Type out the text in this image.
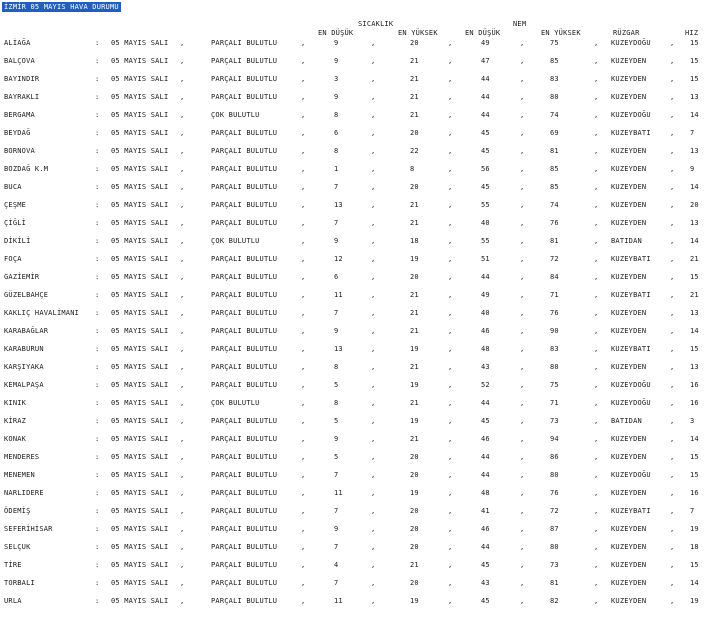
İZMİR 05 MAYIS HAVA DURUMU
SICAKLIK	NEM
EN DÜŞÜK	EN YÜKSEK	EN DÜŞÜK	EN YÜKSEK	RÜZGAR	HIZ
ALİAĞA	: 05 MAYIS SALI ,	PARÇALI BULUTLU	,	9	,	20	,	49	,	75	, KUZEYDOĞU	, 15
BALÇOVA	: 05 MAYIS SALI ,	PARÇALI BULUTLU	,	9	,	21	,	47	,	85	, KUZEYDEN	, 15
BAYINDIR	: 05 MAYIS SALI ,	PARÇALI BULUTLU	,	3	,	21	,	44	,	83	, KUZEYDEN	, 15
BAYRAKLI	: 05 MAYIS SALI ,	PARÇALI BULUTLU	,	9	,	21	,	44	,	80	, KUZEYDEN	, 13
BERGAMA	: 05 MAYIS SALI ,	ÇOK BULUTLU	,	8	,	21	,	44	,	74	, KUZEYDOĞU	, 14
BEYDAĞ	: 05 MAYIS SALI ,	PARÇALI BULUTLU	,	6	,	20	,	45	,	69	, KUZEYBATI	, 7
BORNOVA	: 05 MAYIS SALI ,	PARÇALI BULUTLU	,	8	,	22	,	45	,	81	, KUZEYDEN	, 13
BOZDAĞ K.M	: 05 MAYIS SALI ,	PARÇALI BULUTLU	,	1	,	8	,	56	,	85	, KUZEYDEN	, 9
BUCA	: 05 MAYIS SALI ,	PARÇALI BULUTLU	,	7	,	20	,	45	,	85	, KUZEYDEN	, 14
ÇEŞME	: 05 MAYIS SALI ,	PARÇALI BULUTLU	,	13	,	21	,	55	,	74	, KUZEYDEN	, 20
ÇİĞLİ	: 05 MAYIS SALI ,	PARÇALI BULUTLU	,	7	,	21	,	40	,	76	, KUZEYDEN	, 13
DİKİLİ	: 05 MAYIS SALI ,	ÇOK BULUTLU	,	9	,	18	,	55	,	81	, BATIDAN	, 14
FOÇA	: 05 MAYIS SALI ,	PARÇALI BULUTLU	,	12	,	19	,	51	,	72	, KUZEYBATI	, 21
GAZİEMİR	: 05 MAYIS SALI ,	PARÇALI BULUTLU	,	6	,	20	,	44	,	84	, KUZEYDEN	, 15
GÜZELBAHÇE	: 05 MAYIS SALI ,	PARÇALI BULUTLU	,	11	,	21	,	49	,	71	, KUZEYBATI	, 21
KAKLIÇ HAVALİMANI : 05 MAYIS SALI ,	PARÇALI BULUTLU	,	7	,	21	,	40	,	76	, KUZEYDEN	, 13
KARABAĞLAR	: 05 MAYIS SALI ,	PARÇALI BULUTLU	,	9	,	21	,	46	,	90	, KUZEYDEN	, 14
KARABURUN	: 05 MAYIS SALI ,	PARÇALI BULUTLU	,	13	,	19	,	48	,	83	, KUZEYBATI	, 15
KARŞIYAKA	: 05 MAYIS SALI ,	PARÇALI BULUTLU	,	8	,	21	,	43	,	80	, KUZEYDEN	, 13
KEMALPAŞA	: 05 MAYIS SALI ,	PARÇALI BULUTLU	,	5	,	19	,	52	,	75	, KUZEYDOĞU	, 16
KINIK	: 05 MAYIS SALI ,	ÇOK BULUTLU	,	8	,	21	,	44	,	71	, KUZEYDOĞU	, 16
KİRAZ	: 05 MAYIS SALI ,	PARÇALI BULUTLU	,	5	,	19	,	45	,	73	, BATIDAN	, 3
KONAK	: 05 MAYIS SALI ,	PARÇALI BULUTLU	,	9	,	21	,	46	,	94	, KUZEYDEN	, 14
MENDERES	: 05 MAYIS SALI ,	PARÇALI BULUTLU	,	5	,	20	,	44	,	86	, KUZEYDEN	, 15
MENEMEN	: 05 MAYIS SALI ,	PARÇALI BULUTLU	,	7	,	20	,	44	,	80	, KUZEYDOĞU	, 15
NARLIDERE	: 05 MAYIS SALI ,	PARÇALI BULUTLU	,	11	,	19	,	48	,	76	, KUZEYDEN	, 16
ÖDEMİŞ	: 05 MAYIS SALI ,	PARÇALI BULUTLU	,	7	,	20	,	41	,	72	, KUZEYBATI	, 7
SEFERİHİSAR	: 05 MAYIS SALI ,	PARÇALI BULUTLU	,	9	,	20	,	46	,	87	, KUZEYDEN	, 19
SELÇUK	: 05 MAYIS SALI ,	PARÇALI BULUTLU	,	7	,	20	,	44	,	80	, KUZEYDEN	, 18
TİRE	: 05 MAYIS SALI ,	PARÇALI BULUTLU	,	4	,	21	,	45	,	73	, KUZEYDEN	, 15
TORBALI	: 05 MAYIS SALI ,	PARÇALI BULUTLU	,	7	,	20	,	43	,	81	, KUZEYDEN	, 14
URLA	: 05 MAYIS SALI ,	PARÇALI BULUTLU	,	11	,	19	,	45	,	82	, KUZEYDEN	, 19
